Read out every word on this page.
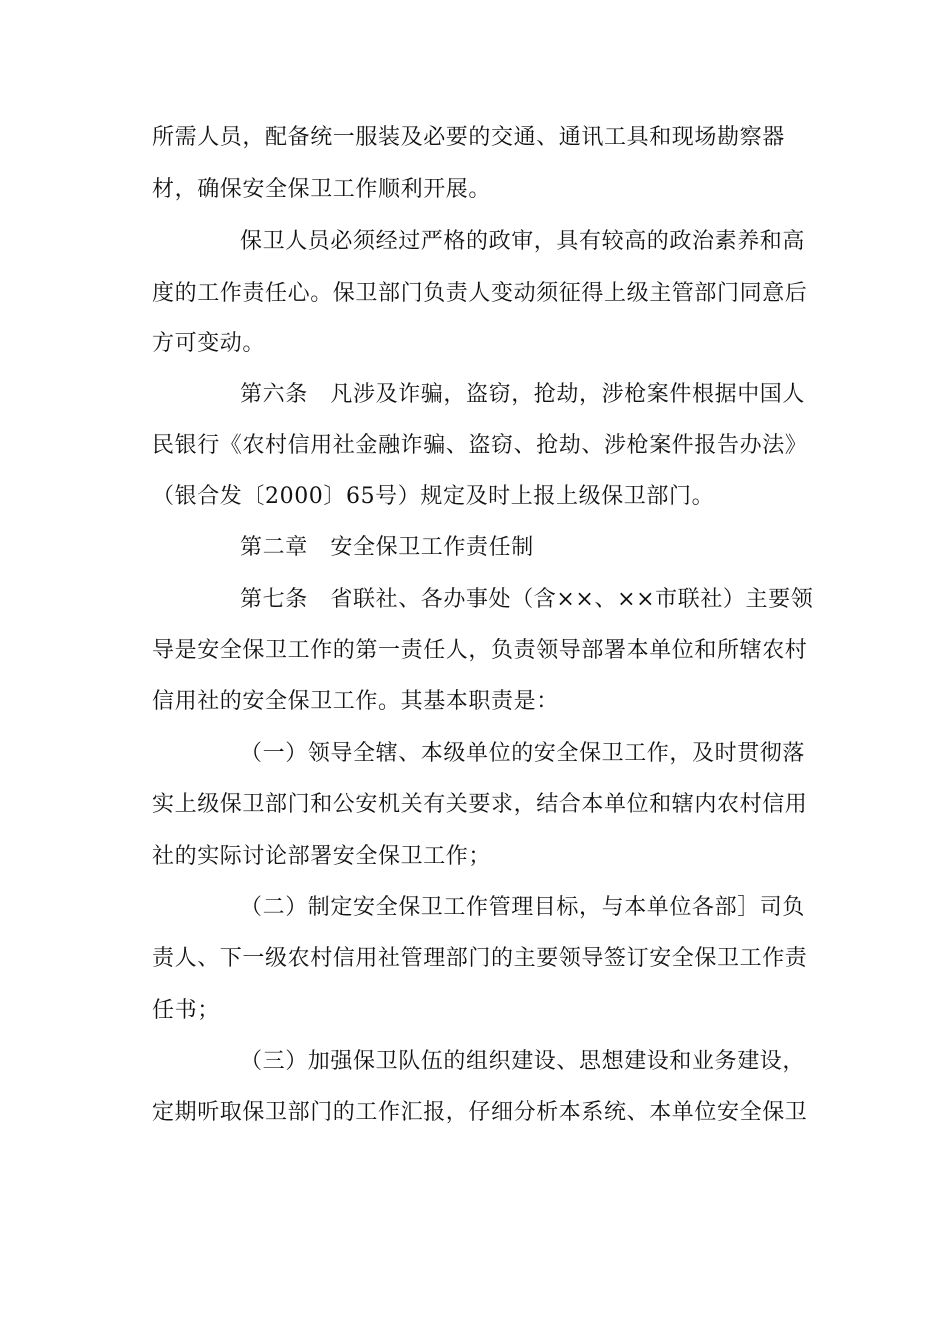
所需人员，配备统一服装及必要的交通、通讯工具和现场勘察器
材，确保安全保卫工作顺利开展。
保卫人员必须经过严格的政审，具有较高的政治素养和高
度的工作责任心。保卫部门负责人变动须征得上级主管部门同意后
方可变动。
第六条　凡涉及诈骗，盗窃，抢劫，涉枪案件根据中国人
民银行《农村信用社金融诈骗、盗窃、抢劫、涉枪案件报告办法》
（银合发〔2000〕65号）规定及时上报上级保卫部门。
第二章　安全保卫工作责任制
第七条　省联社、各办事处（含××、××市联社）主要领
导是安全保卫工作的第一责任人，负责领导部署本单位和所辖农村
信用社的安全保卫工作。其基本职责是：
（一）领导全辖、本级单位的安全保卫工作，及时贯彻落
实上级保卫部门和公安机关有关要求，结合本单位和辖内农村信用
社的实际讨论部署安全保卫工作；
（二）制定安全保卫工作管理目标，与本单位各部］司负
责人、下一级农村信用社管理部门的主要领导签订安全保卫工作责
任书；
（三）加强保卫队伍的组织建设、思想建设和业务建设，
定期听取保卫部门的工作汇报，仔细分析本系统、本单位安全保卫
